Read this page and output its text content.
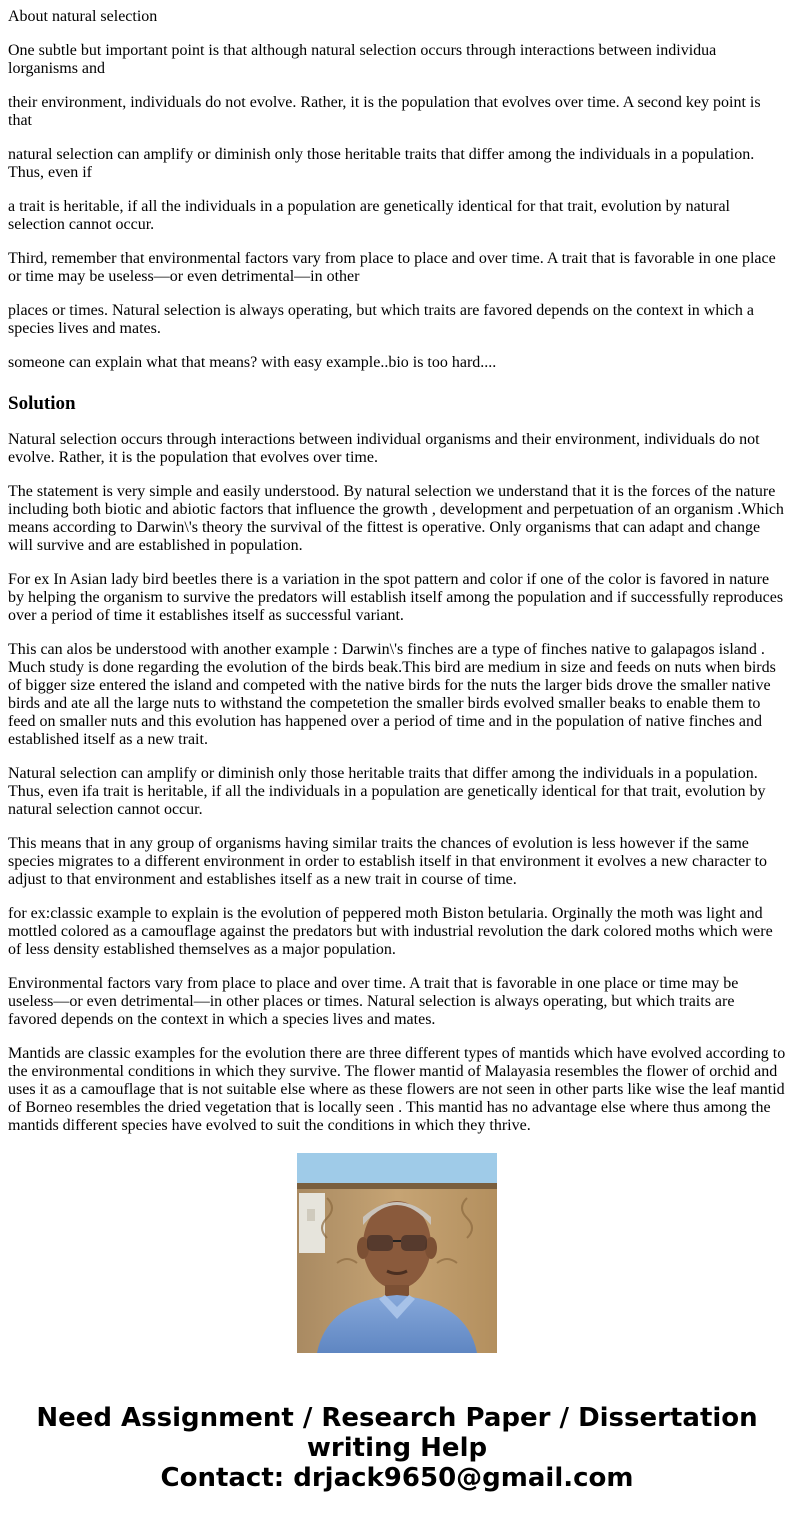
About natural selection

One subtle but important point is that although natural selection occurs through interactions between individua lorganisms and

their environment, individuals do not evolve. Rather, it is the population that evolves over time. A second key point is that

natural selection can amplify or diminish only those heritable traits that differ among the individuals in a population. Thus, even if

a trait is heritable, if all the individuals in a population are genetically identical for that trait, evolution by natural selection cannot occur.

Third, remember that environmental factors vary from place to place and over time. A trait that is favorable in one place or time may be useless—or even detrimental—in other

places or times. Natural selection is always operating, but which traits are favored depends on the context in which a species lives and mates.

someone can explain what that means? with easy example..bio is too hard....

Solution

Natural selection occurs through interactions between individual organisms and their environment, individuals do not evolve. Rather, it is the population that evolves over time.

The statement is very simple and easily understood. By natural selection we understand that it is the forces of the nature including both biotic and abiotic factors that influence the growth , development and perpetuation of an organism .Which means according to Darwin\'s theory the survival of the fittest is operative. Only organisms that can adapt and change will survive and are established in population.

For ex In Asian lady bird beetles there is a variation in the spot pattern and color if one of the color is favored in nature by helping the organism to survive the predators will establish itself among the population and if successfully reproduces over a period of time it establishes itself as successful variant.

This can alos be understood with another example : Darwin\'s finches are a type of finches native to galapagos island . Much study is done regarding the evolution of the birds beak.This bird are medium in size and feeds on nuts when birds of bigger size entered the island and competed with the native birds for the nuts the larger bids drove the smaller native birds and ate all the large nuts to withstand the competetion the smaller birds evolved smaller beaks to enable them to feed on smaller nuts and this evolution has happened over a period of time and in the population of native finches and established itself as a new trait.

Natural selection can amplify or diminish only those heritable traits that differ among the individuals in a population. Thus, even ifa trait is heritable, if all the individuals in a population are genetically identical for that trait, evolution by natural selection cannot occur.

This means that in any group of organisms having similar traits the chances of evolution is less however if the same species migrates to a different environment in order to establish itself in that environment it evolves a new character to adjust to that environment and establishes itself as a new trait in course of time.

for ex:classic example to explain is the evolution of peppered moth Biston betularia. Orginally the moth was light and mottled colored as a camouflage against the predators but with industrial revolution the dark colored moths which were of less density established themselves as a major population.

Environmental factors vary from place to place and over time. A trait that is favorable in one place or time may be useless—or even detrimental—in other places or times. Natural selection is always operating, but which traits are favored depends on the context in which a species lives and mates.

Mantids are classic examples for the evolution there are three different types of mantids which have evolved according to the environmental conditions in which they survive. The flower mantid of Malayasia resembles the flower of orchid and uses it as a camouflage that is not suitable else where as these flowers are not seen in other parts like wise the leaf mantid of Borneo resembles the dried vegetation that is locally seen . This mantid has no advantage else where thus among the mantids different species have evolved to suit the conditions in which they thrive.

Need Assignment / Research Paper / Dissertation
writing Help
Contact: drjack9650@gmail.com
